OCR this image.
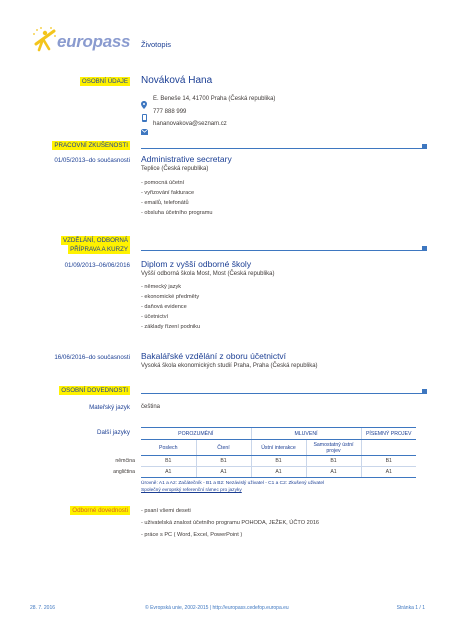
europass Životopis
OSOBNÍ ÚDAJE Nováková Hana
E. Beneše 14, 41700 Praha (Česká republika)
777 888 999
hananovakova@seznam.cz
PRACOVNÍ ZKUŠENOSTI
01/05/2013–do současnosti Administrative secretary
Teplice (Česká republika)
- pomocná účetní
- vyřizování fakturace
- emailů, telefonátů
- obsluha účetního programu
VZDĚLÁNÍ, ODBORNÁ
PŘÍPRAVA A KURZY
01/09/2013–06/06/2016 Diplom z vyšší odborné školy
Vyšší odborná škola Most, Most (Česká republika)
- německý jazyk
- ekonomické předměty
- daňová evidence
- účetnictví
- základy řízení podniku
16/06/2016–do současnosti Bakalářské vzdělání z oboru účetnictví
Vysoká škola ekonomických studií Praha, Praha (Česká republika)
OSOBNÍ DOVEDNOSTI
Mateřský jazyk čeština
Další jazyky
		POROZUMĚNÍ		MLUVENÍ		PÍSEMNÝ PROJEV
	Poslech	Čtení	Ústní interakce	Samostatný ústní projev	
němčina	B1	B1	B1	B1	B1
angličtina	A1	A1	A1	A1	A1
Úrovně: A1 a A2: Začátečník - B1 a B2: Nezávislý uživatel - C1 a C2: Zkušený uživatel
Společný evropský referenční rámec pro jazyky
Odborné dovednosti	- psaní všemi deseti
- uživatelská znalost účetního programu POHODA, JEŽEK, ÚČTO 2016
- práce s PC ( Word, Excel, PowerPoint )
28. 7. 2016	© Evropská unie, 2002-2015 | http://europass.cedefop.europa.eu	Stránka 1 / 1
